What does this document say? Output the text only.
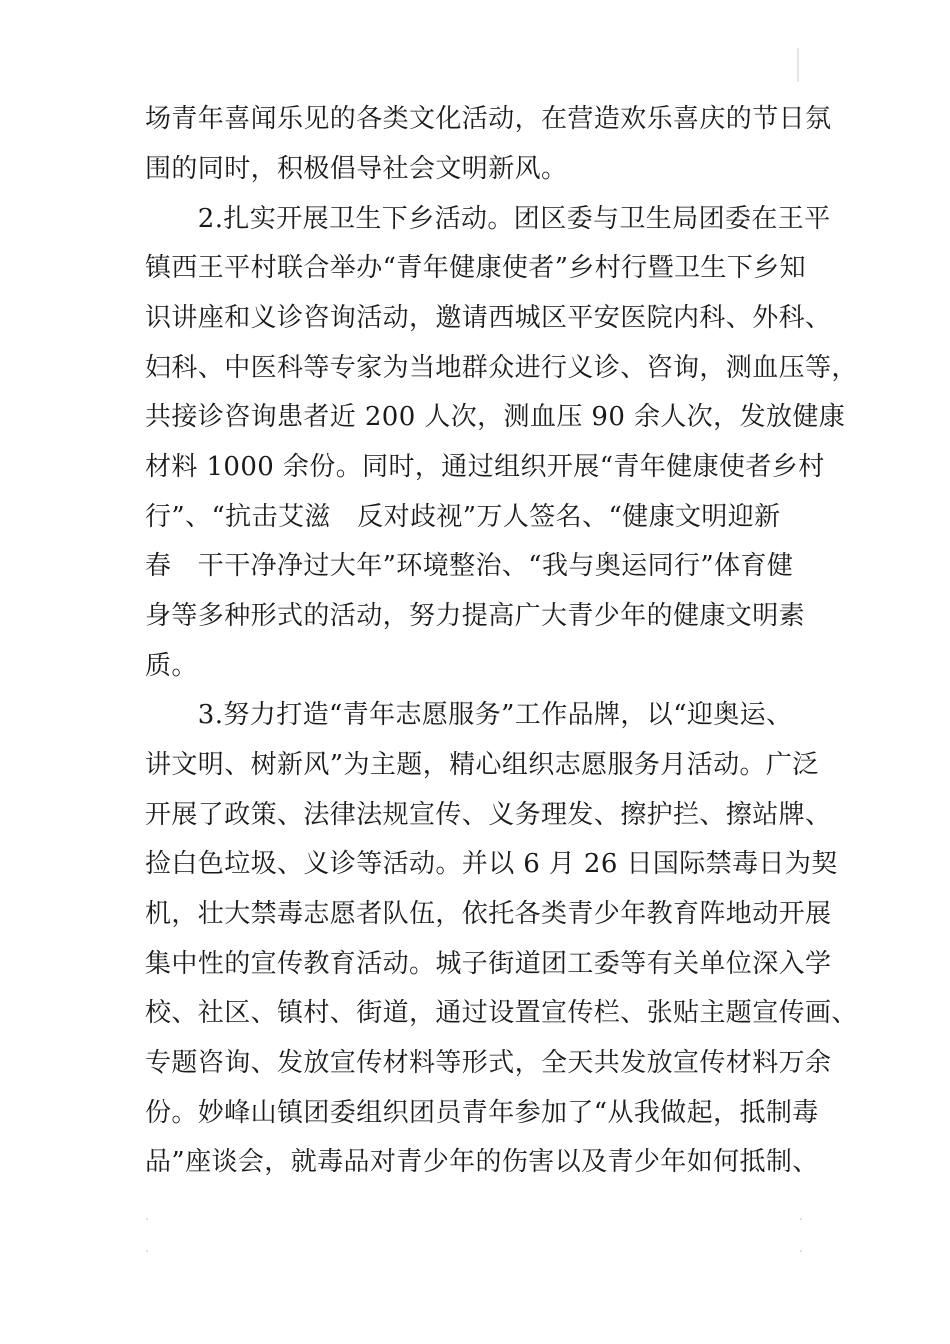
场青年喜闻乐见的各类文化活动，在营造欢乐喜庆的节日氛
围的同时，积极倡导社会文明新风。
　　2.扎实开展卫生下乡活动。团区委与卫生局团委在王平
镇西王平村联合举办“青年健康使者”乡村行暨卫生下乡知
识讲座和义诊咨询活动，邀请西城区平安医院内科、外科、
妇科、中医科等专家为当地群众进行义诊、咨询，测血压等，
共接诊咨询患者近 200 人次，测血压 90 余人次，发放健康
材料 1000 余份。同时，通过组织开展“青年健康使者乡村
行”、“抗击艾滋　反对歧视”万人签名、“健康文明迎新
春　干干净净过大年”环境整治、“我与奥运同行”体育健
身等多种形式的活动，努力提高广大青少年的健康文明素
质。
　　3.努力打造“青年志愿服务”工作品牌，以“迎奥运、
讲文明、树新风”为主题，精心组织志愿服务月活动。广泛
开展了政策、法律法规宣传、义务理发、擦护拦、擦站牌、
捡白色垃圾、义诊等活动。并以 6 月 26 日国际禁毒日为契
机，壮大禁毒志愿者队伍，依托各类青少年教育阵地动开展
集中性的宣传教育活动。城子街道团工委等有关单位深入学
校、社区、镇村、街道，通过设置宣传栏、张贴主题宣传画、
专题咨询、发放宣传材料等形式，全天共发放宣传材料万余
份。妙峰山镇团委组织团员青年参加了“从我做起，抵制毒
品”座谈会，就毒品对青少年的伤害以及青少年如何抵制、
